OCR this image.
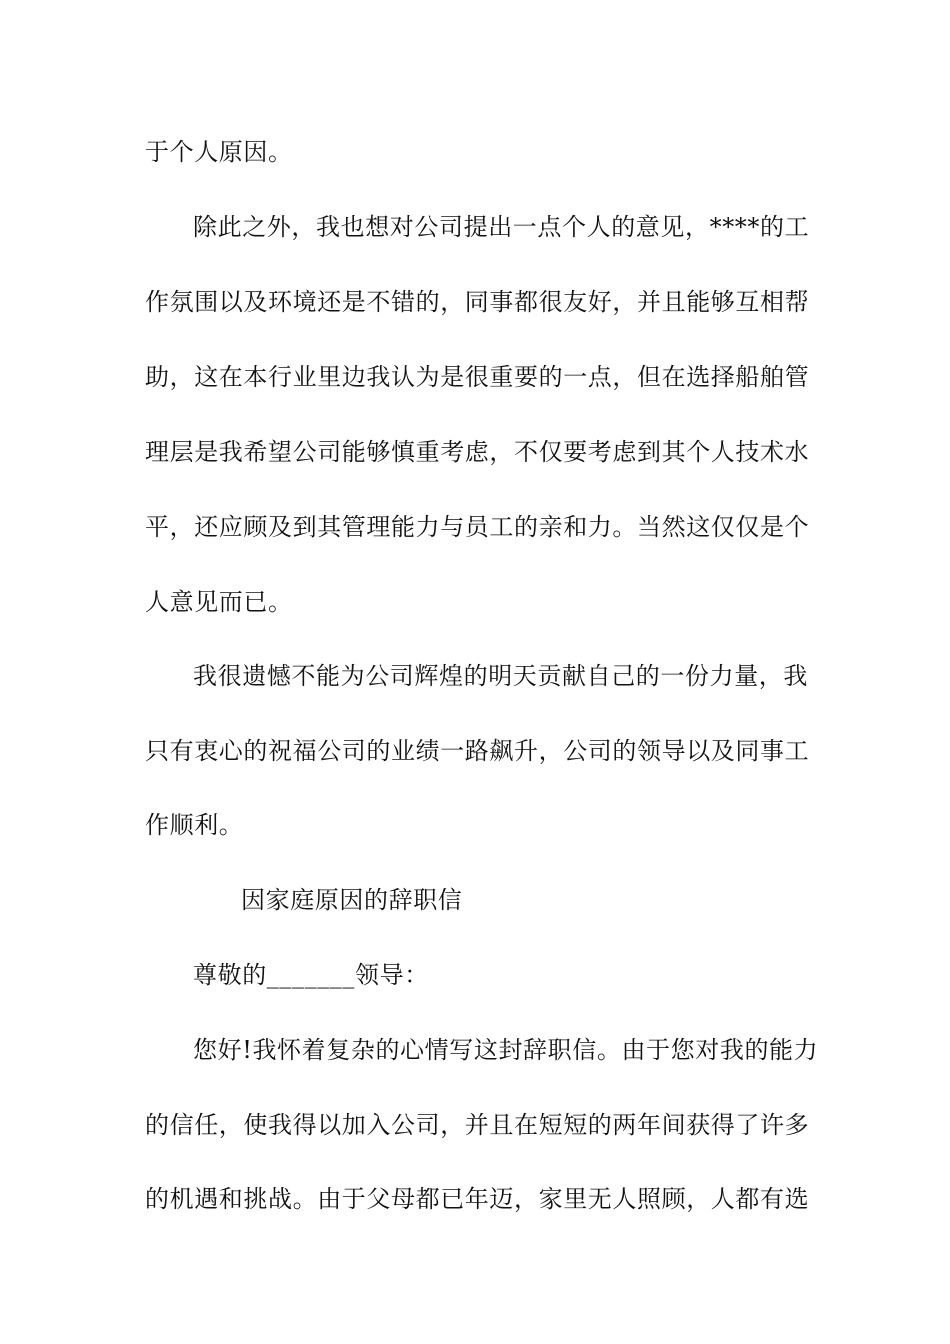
于个人原因。
除此之外，我也想对公司提出一点个人的意见，****的工
作氛围以及环境还是不错的，同事都很友好，并且能够互相帮
助，这在本行业里边我认为是很重要的一点，但在选择船舶管
理层是我希望公司能够慎重考虑，不仅要考虑到其个人技术水
平，还应顾及到其管理能力与员工的亲和力。当然这仅仅是个
人意见而已。
我很遗憾不能为公司辉煌的明天贡献自己的一份力量，我
只有衷心的祝福公司的业绩一路飙升，公司的领导以及同事工
作顺利。
因家庭原因的辞职信
尊敬的_______领导：
您好!我怀着复杂的心情写这封辞职信。由于您对我的能力
的信任，使我得以加入公司，并且在短短的两年间获得了许多
的机遇和挑战。由于父母都已年迈，家里无人照顾，人都有选
